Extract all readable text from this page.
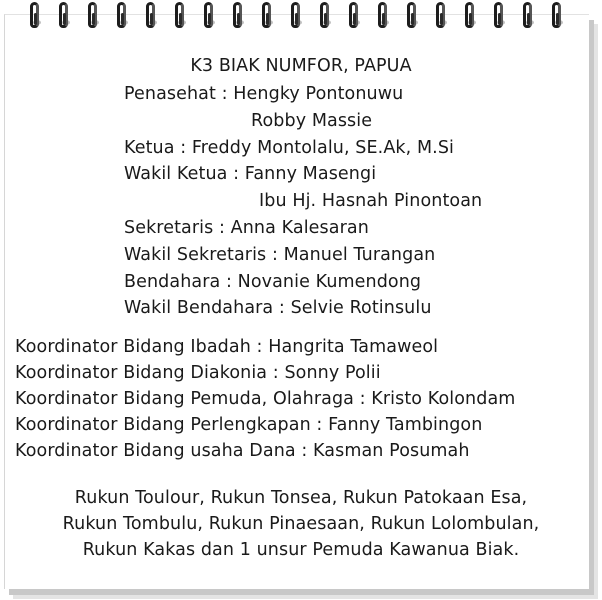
K3 BIAK NUMFOR, PAPUA
Penasehat : Hengky Pontonuwu
Robby Massie
Ketua : Freddy Montolalu, SE.Ak, M.Si
Wakil Ketua : Fanny Masengi
Ibu Hj. Hasnah Pinontoan
Sekretaris : Anna Kalesaran
Wakil Sekretaris : Manuel Turangan
Bendahara : Novanie Kumendong
Wakil Bendahara : Selvie Rotinsulu
Koordinator Bidang Ibadah : Hangrita Tamaweol
Koordinator Bidang Diakonia : Sonny Polii
Koordinator Bidang Pemuda, Olahraga : Kristo Kolondam
Koordinator Bidang Perlengkapan : Fanny Tambingon
Koordinator Bidang usaha Dana : Kasman Posumah
Rukun Toulour, Rukun Tonsea, Rukun Patokaan Esa,
Rukun Tombulu, Rukun Pinaesaan, Rukun Lolombulan,
Rukun Kakas dan 1 unsur Pemuda Kawanua Biak.
